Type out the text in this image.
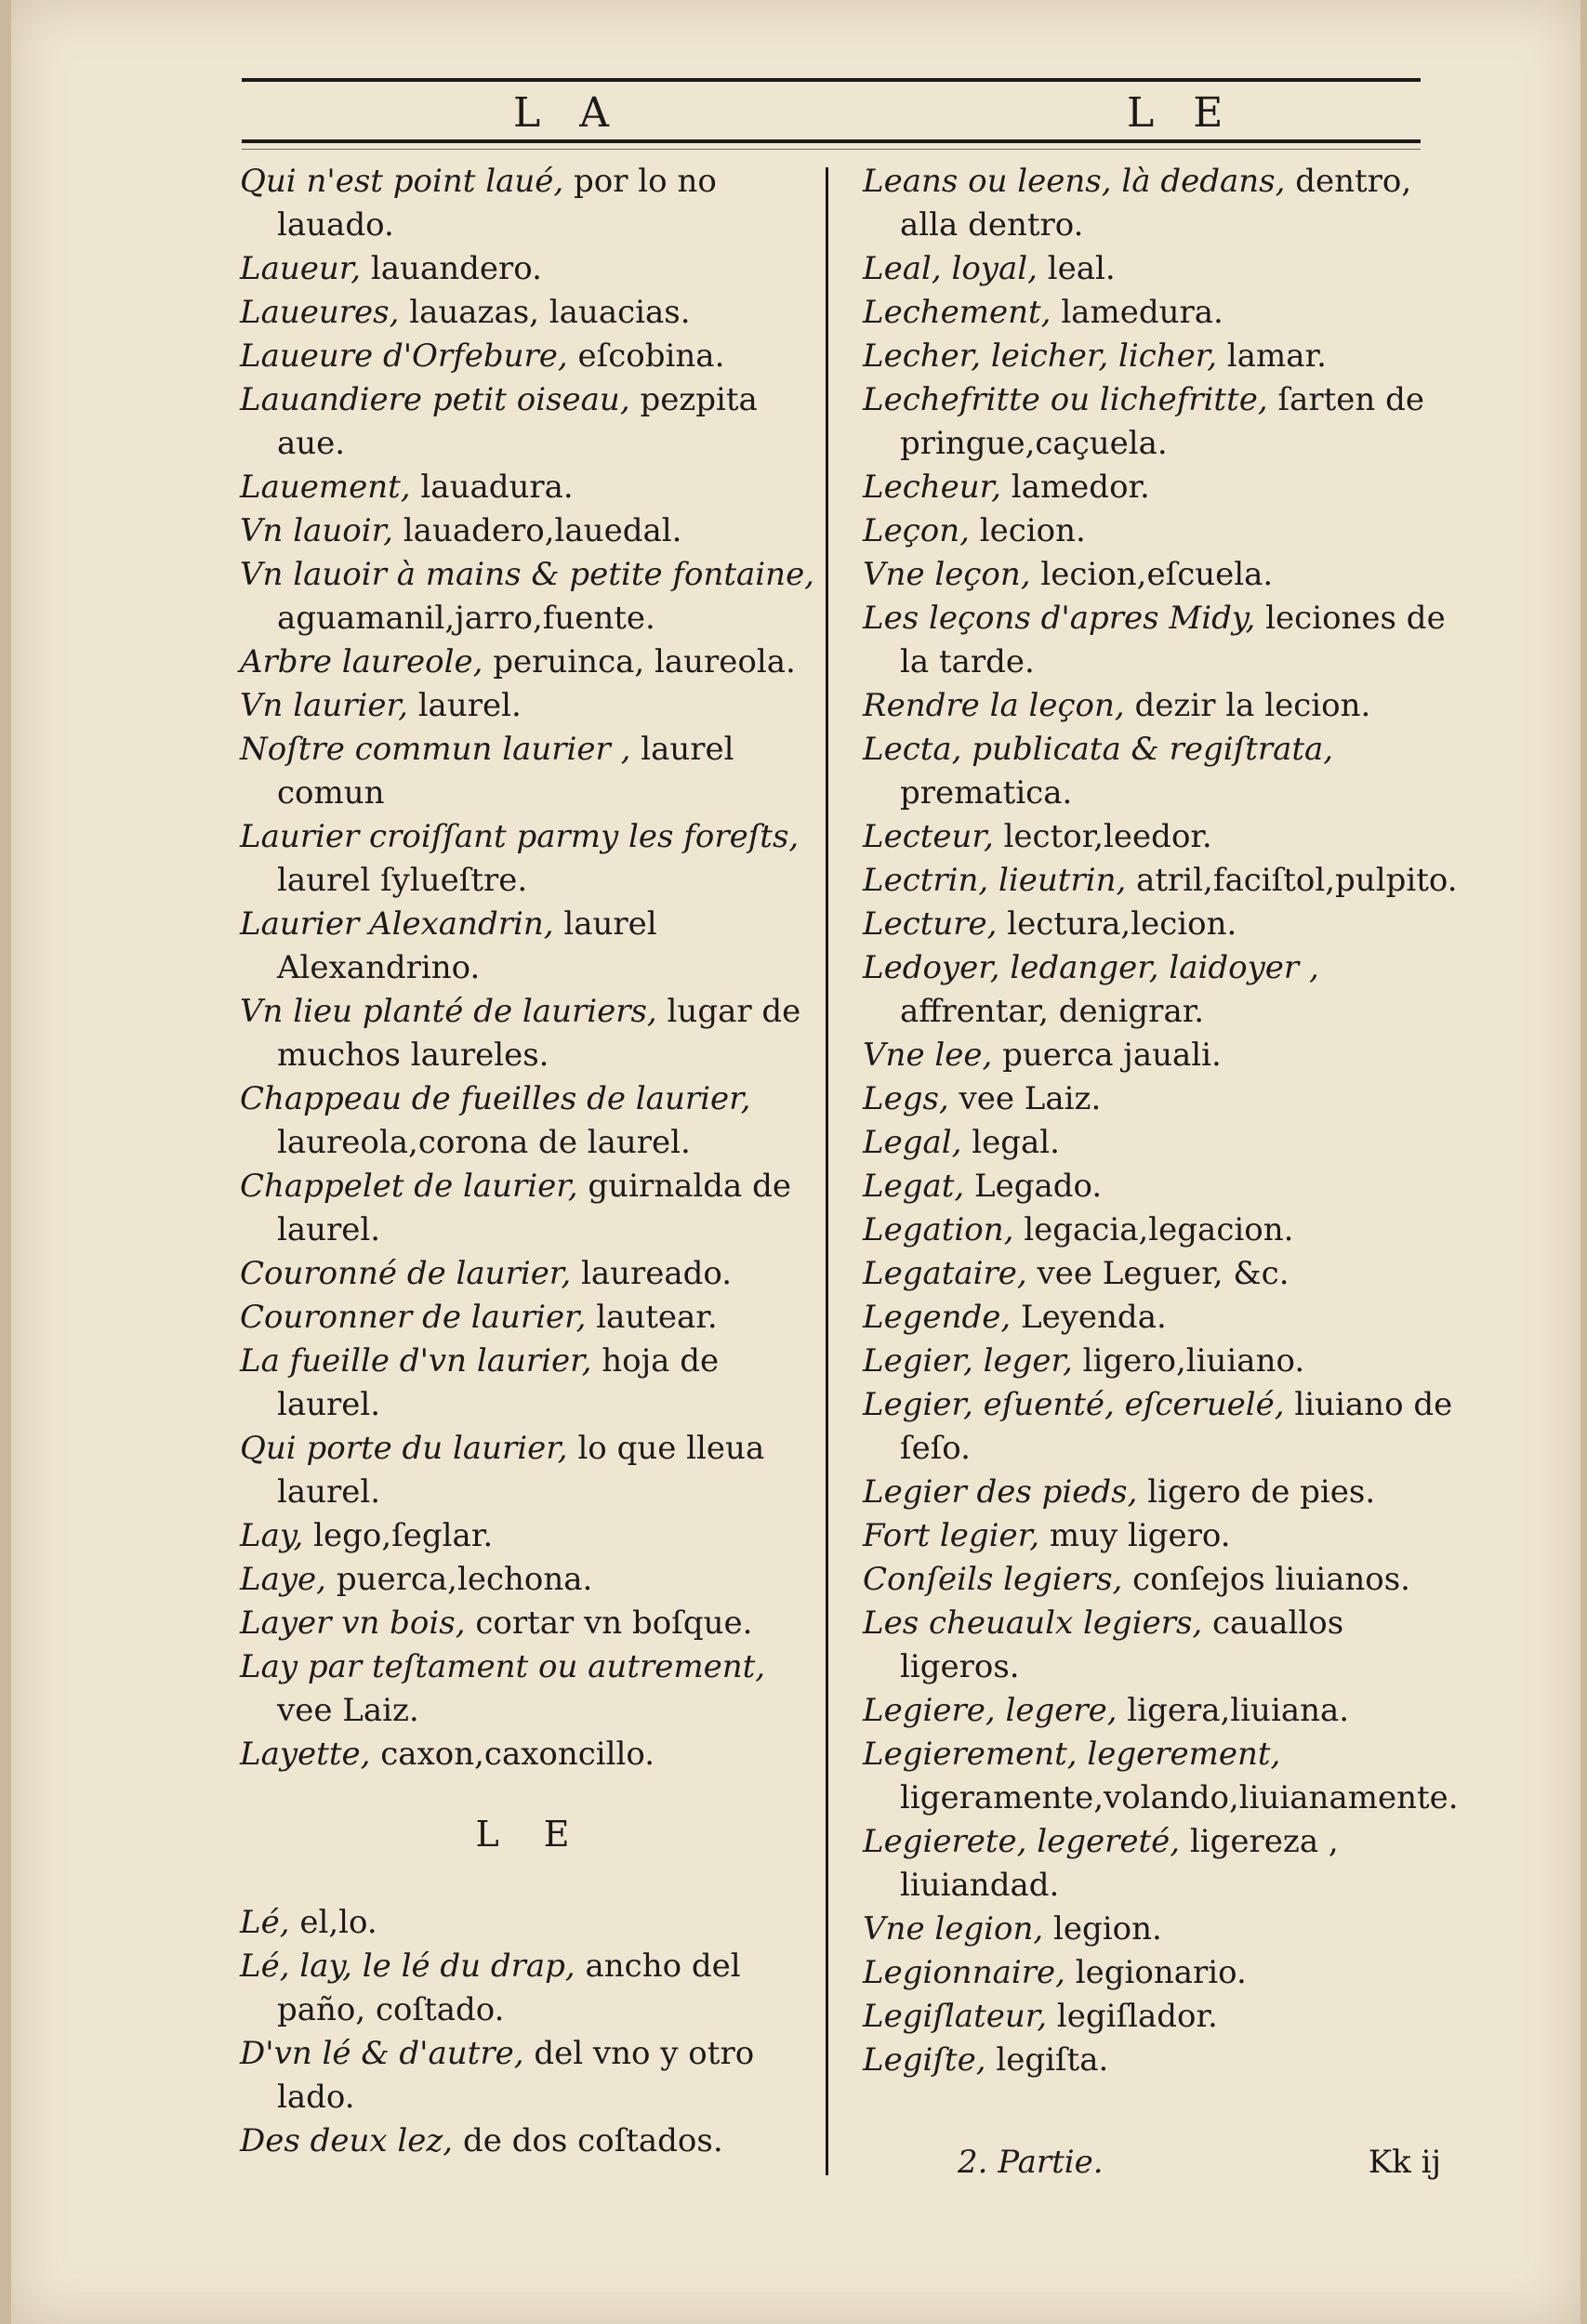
L A	L E

Qui n'est point laué, por lo no lauado.

Laueur, lauandero.

Laueures, lauazas, lauacias.

Laueure d'Orfebure, eſcobina.

Lauandiere petit oiseau, pezpita aue.

Lauement, lauadura.

Vn lauoir, lauadero,lauedal.

Vn lauoir à mains & petite fontaine, aguamanil,jarro,fuente.

Arbre laureole, peruinca, laureola.

Vn laurier, laurel.

Noſtre commun laurier , laurel comun

Laurier croiſſant parmy les foreſts, laurel ſylueſtre.

Laurier Alexandrin, laurel Alexandrino.

Vn lieu planté de lauriers, lugar de muchos laureles.

Chappeau de fueilles de laurier, laureola,corona de laurel.

Chappelet de laurier, guirnalda de laurel.

Couronné de laurier, laureado.

Couronner de laurier, lautear.

La fueille d'vn laurier, hoja de laurel.

Qui porte du laurier, lo que lleua laurel.

Lay, lego,ſeglar.

Laye, puerca,lechona.

Layer vn bois, cortar vn boſque.

Lay par teſtament ou autrement, vee Laiz.

Layette, caxon,caxoncillo.

L E

Lé, el,lo.

Lé, lay, le lé du drap, ancho del paño, coſtado.

D'vn lé & d'autre, del vno y otro lado.

Des deux lez, de dos coſtados.

Leans ou leens, là dedans, dentro, alla dentro.

Leal, loyal, leal.

Lechement, lamedura.

Lecher, leicher, licher, lamar.

Lechefritte ou lichefritte, ſarten de pringue,caçuela.

Lecheur, lamedor.

Leçon, lecion.

Vne leçon, lecion,eſcuela.

Les leçons d'apres Midy, leciones de la tarde.

Rendre la leçon, dezir la lecion.

Lecta, publicata & regiſtrata, prematica.

Lecteur, lector,leedor.

Lectrin, lieutrin, atril,faciſtol,pulpito.

Lecture, lectura,lecion.

Ledoyer, ledanger, laidoyer , affrentar, denigrar.

Vne lee, puerca jauali.

Legs, vee Laiz.

Legal, legal.

Legat, Legado.

Legation, legacia,legacion.

Legataire, vee Leguer, &c.

Legende, Leyenda.

Legier, leger, ligero,liuiano.

Legier, eſuenté, eſceruelé, liuiano de ſeſo.

Legier des pieds, ligero de pies.

Fort legier, muy ligero.

Conſeils legiers, conſejos liuianos.

Les cheuaulx legiers, cauallos ligeros.

Legiere, legere, ligera,liuiana.

Legierement, legerement, ligeramente,volando,liuianamente.

Legierete, legereté, ligereza , liuiandad.

Vne legion, legion.

Legionnaire, legionario.

Legiſlateur, legiſlador.

Legiſte, legiſta.

2. Partie.	Kk ij
